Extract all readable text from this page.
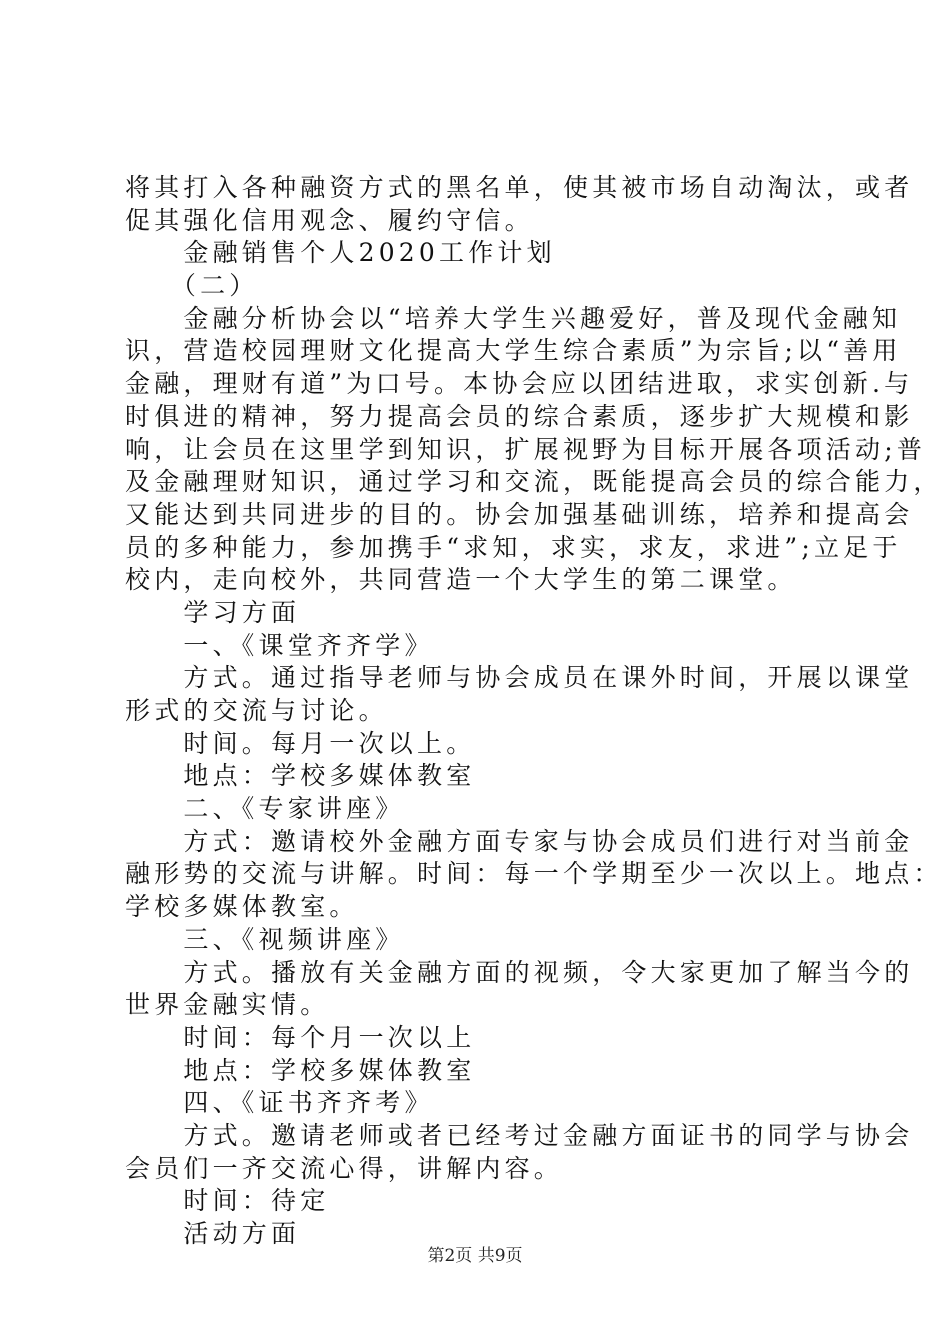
将其打入各种融资方式的黑名单，使其被市场自动淘汰，或者
促其强化信用观念、履约守信。
　　金融销售个人2020工作计划
　　（二）
　　金融分析协会以“培养大学生兴趣爱好，普及现代金融知
识，营造校园理财文化提高大学生综合素质”为宗旨;以“善用
金融，理财有道”为口号。本协会应以团结进取，求实创新.与
时俱进的精神，努力提高会员的综合素质，逐步扩大规模和影
响，让会员在这里学到知识，扩展视野为目标开展各项活动;普
及金融理财知识，通过学习和交流，既能提高会员的综合能力，
又能达到共同进步的目的。协会加强基础训练，培养和提高会
员的多种能力，参加携手“求知，求实，求友，求进”;立足于
校内，走向校外，共同营造一个大学生的第二课堂。
　　学习方面
　　一、《课堂齐齐学》
　　方式。通过指导老师与协会成员在课外时间，开展以课堂
形式的交流与讨论。
　　时间。每月一次以上。
　　地点：学校多媒体教室
　　二、《专家讲座》
　　方式：邀请校外金融方面专家与协会成员们进行对当前金
融形势的交流与讲解。时间：每一个学期至少一次以上。地点：
学校多媒体教室。
　　三、《视频讲座》
　　方式。播放有关金融方面的视频，令大家更加了解当今的
世界金融实情。
　　时间：每个月一次以上
　　地点：学校多媒体教室
　　四、《证书齐齐考》
　　方式。邀请老师或者已经考过金融方面证书的同学与协会
会员们一齐交流心得，讲解内容。
　　时间：待定
　　活动方面
第2页 共9页
